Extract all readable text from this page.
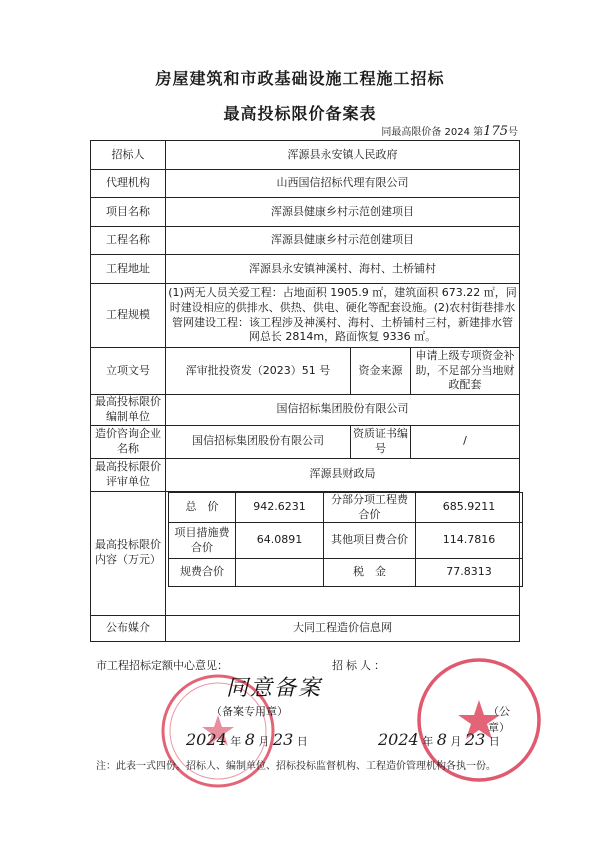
房屋建筑和市政基础设施工程施工招标
最高投标限价备案表
同最高限价备 2024 第175号
招标人	浑源县永安镇人民政府
代理机构	山西国信招标代理有限公司
项目名称	浑源县健康乡村示范创建项目
工程名称	浑源县健康乡村示范创建项目
工程地址	浑源县永安镇神溪村、海村、土桥铺村
工程规模	(1)两无人员关爱工程：占地面积 1905.9 ㎡，建筑面积 673.22 ㎡，同时建设相应的供排水、供热、供电、硬化等配套设施。(2)农村街巷排水管网建设工程：该工程涉及神溪村、海村、土桥铺村三村，新建排水管网总长 2814m，路面恢复 9336 ㎡。
立项文号	浑审批投资发（2023）51 号	资金来源	申请上级专项资金补助，不足部分当地财政配套
最高投标限价编制单位	国信招标集团股份有限公司
造价咨询企业名称	国信招标集团股份有限公司	资质证书编　　号	/
最高投标限价评审单位	浑源县财政局
最高投标限价内容（万元）	
总　价	942.6231	分部分项工程费合价	685.9211
项目措施费合价	64.0891	其他项目费合价	114.7816
规费合价		税　金	77.8313

公布媒介	大同工程造价信息网
市工程招标定额中心意见：	招标人：
同意备案
（备案专用章）	（公章）
2024 年 8 月 23 日	2024 年 8 月 23 日
注：此表一式四份。招标人、编制单位、招标投标监督机构、工程造价管理机构各执一份。
